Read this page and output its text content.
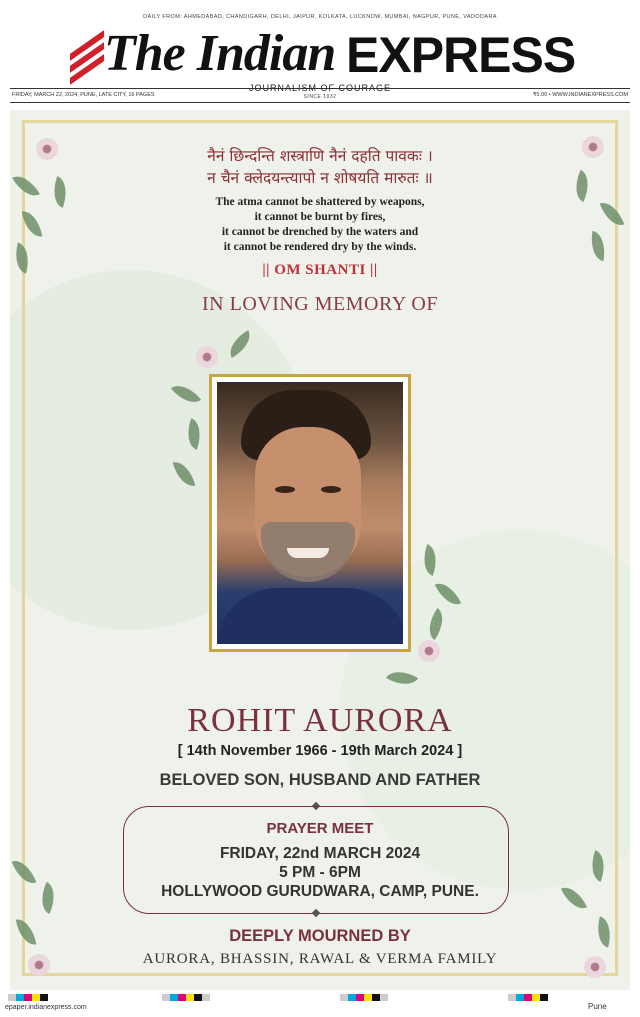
DAILY FROM: AHMEDABAD, CHANDIGARH, DELHI, JAIPUR, KOLKATA, LUCKNOW, MUMBAI, NAGPUR, PUNE, VADODARA
The Indian EXPRESS
FRIDAY, MARCH 22, 2024, PUNE, LATE CITY, 16 PAGES
JOURNALISM OF COURAGE
SINCE 1932	₹5.00 • WWW.INDIANEXPRESS.COM
नैनं छिन्दन्ति शस्त्राणि नैनं दहति पावकः ।
न चैनं क्लेदयन्त्यापो न शोषयति मारुतः ॥
The atma cannot be shattered by weapons,
it cannot be burnt by fires,
it cannot be drenched by the waters and
it cannot be rendered dry by the winds.
|| OM SHANTI ||
IN LOVING MEMORY OF
ROHIT AURORA
[ 14th November 1966 - 19th March 2024 ]
BELOVED SON, HUSBAND AND FATHER
PRAYER MEET
FRIDAY, 22nd MARCH 2024
5 PM - 6PM
HOLLYWOOD GURUDWARA, CAMP, PUNE.
DEEPLY MOURNED BY
AURORA, BHASSIN, RAWAL & VERMA FAMILY
epaper.indianexpress.com	Pune
